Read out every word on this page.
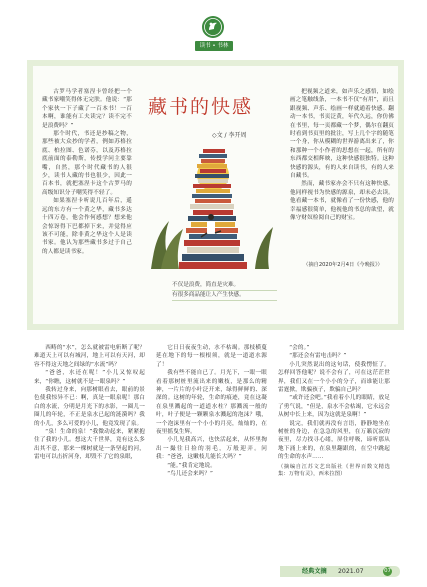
读书 • 书林

古罗马学者塞涅卡曾经把一个藏书家嘲笑得体无完肤。他说：“那个家伙一下子藏了一百本书！一百本啊，谁能有工夫读完？读不完不是浪费吗？”

那个时代，书还是抄稿之物，那些被大众抄的学者，例如苏格拉底、柏拉图、色诺芬，以及苏格拉底前面的泰勒斯，传授学问主要靠嘴，自然，那个时代藏书的人很少，读书人藏的书也很少，因此一百本书，就把塞涅卡这个古罗马的高级知识分子嘲笑得不轻了。

如果塞涅卡听说几百年后，遥远的东方有一个黄之华，藏书多达十四万卷，他会作何感想？想来他会惊讶得下巴都掉下来，并觉得应该不可能，除非黄之华这个人是读书家。他认为那些藏书多过于自己的人都是读书家。

藏书的快感
◇文 / 李开周
不仅是浪费，简直是灾难。
有很多商品能让人产生快感。

把视频之道来，如声乐之感悟，如绘画之笔触线条，一本书不仅“有用”，而且跟视频、声乐、绘画一样就通着快感。翻动一本书，书页泛黄，年代久远，你仿佛在书里，每一页都藏一个梦，偶尔在翻页时看到书页里的批注，写上几个字的随笔一个身，你从模糊的世界游离出来了，你和那种一个小作者的思想在一起，所有的东西都交相辉映，这种快感很独特。这种快感的源头，有的人来自读书，有的人来自藏书。

然而，藏书家亦会不只有这种快感。他同样视书为快感的源泉，却未必去读。他看藏一本书，就像看了一份快感，他的幸福感很简单，他视他的书总的欲望，就像守财奴检阅自己的财宝。

（摘自2020年2月4日《今晚报》）

西畴的“水”，怎么就被雷电斩断了呢？难道天上可以有城河，地上可以有天河，却容不得这天地之间绿的“水流”吗？

“爸爸，水还在呢！”小儿又惊叹起来，“你瞧，这树就不是一眼泉吗？”

我转过身来，向那树眼看去，眼前的景色使我惊异不已：啊，真是一眼泉呢！那白白的水流，分明是月光下的水影，一圈儿一圈儿的年轮，不正是泉水已起的涟漪吗？我的小儿，多么可爱的小儿，他竟发现了泉。

“泉！生命的泉！”我微动起来，紧紧抱住了我的小儿。想这大千世界，竟有这么多出其不意，那来一棵树就是一条坚起的河，雷电可以击折河身，却毁不了它的泉眼，

它日日夜夜生动，水不枯竭。那枝横蔓延在地下的每一根根须，就是一道道水源了！

我有些不能自已了。月光下，一眼一眼看着那树桩里流出来的嫩枝，是那么的精神，一片片的小叶泛开来，绿得鲜鲜的、深深的。这树的年轮，生命的痕迹，竟在这凝在泉里溅起的一道道水柱？那溅流一般的叶，叶子便是一颗颗泉水溅起的泡沫？哦，一个泡沫里有一个小小的月亮，灿灿的，在夜里摇曳生辉。

小儿见我高兴，也快活起来，从怀里掏出一撮往日捡的羽毛，万般迎弄。问我：“爸爸，这嫩枝儿能长大吗？”

“能。”我肯定地说。

“鸟儿还会来吗？”

“会的。”

“那还会有雷电击吗？”

小儿突然说出的这句话，使我愣怔了。怎样回答他呢？说不会有了，可在这茫茫世界，我们又在一个小小的分子，而谁能让那雷霆掀，欺骗孩子，欺骗自己吗？

“或许还会吧。”我看着小儿的眼睛，放足了勇气说，“但是，泉水不会枯竭，它永远会从树中长上来，因为这就是泉啊！”

说完，我们就再没有言语，静静地坐在树桩的身边，在急急的风里，在万籁沉寂的夜里，尽力找寻心绪，屏住呼吸，谛听那从地下涌上来的，在泉里翻跟的，在空中跳起的生命的水声……

（摘编自江苏文艺出版社《世界百数文精选集：万物有灵》，西米拉图）
经典文摘 2021.07	07
